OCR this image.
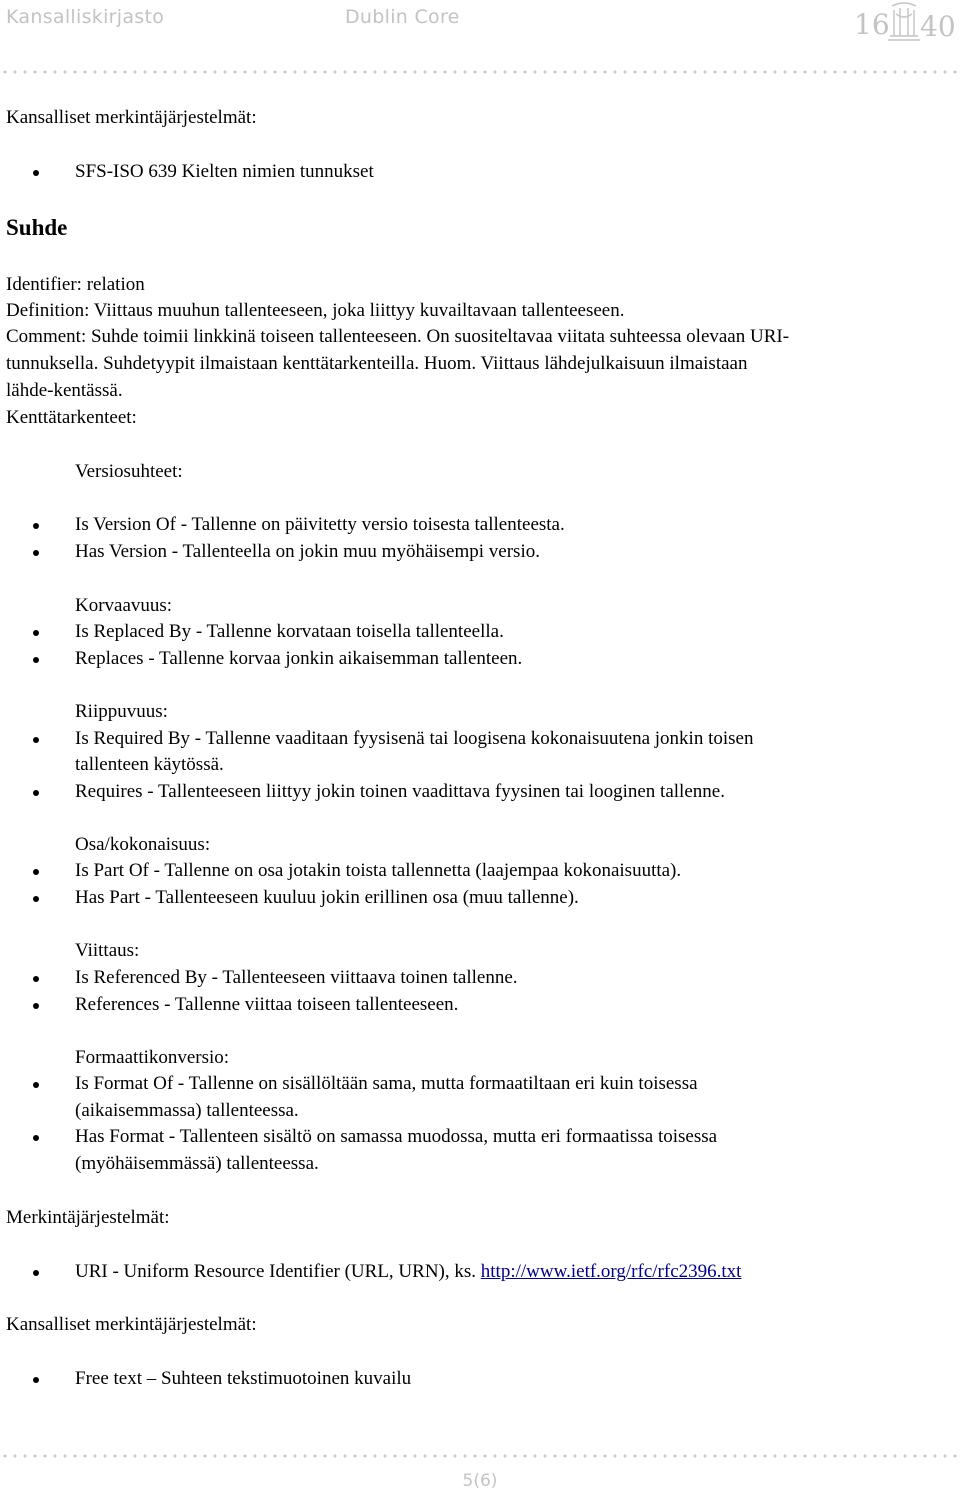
Kansalliskirjasto	Dublin Core	16 40
Kansalliset merkintäjärjestelmät:
SFS-ISO 639 Kielten nimien tunnukset
Suhde
Identifier: relation
Definition: Viittaus muuhun tallenteeseen, joka liittyy kuvailtavaan tallenteeseen.
Comment: Suhde toimii linkkinä toiseen tallenteeseen. On suositeltavaa viitata suhteessa olevaan URI-
tunnuksella. Suhdetyypit ilmaistaan kenttätarkenteilla. Huom. Viittaus lähdejulkaisuun ilmaistaan
lähde-kentässä.
Kenttätarkenteet:
Versiosuhteet:
Is Version Of - Tallenne on päivitetty versio toisesta tallenteesta.
Has Version - Tallenteella on jokin muu myöhäisempi versio.
Korvaavuus:
Is Replaced By - Tallenne korvataan toisella tallenteella.
Replaces - Tallenne korvaa jonkin aikaisemman tallenteen.
Riippuvuus:
Is Required By - Tallenne vaaditaan fyysisenä tai loogisena kokonaisuutena jonkin toisen
tallenteen käytössä.
Requires - Tallenteeseen liittyy jokin toinen vaadittava fyysinen tai looginen tallenne.
Osa/kokonaisuus:
Is Part Of - Tallenne on osa jotakin toista tallennetta (laajempaa kokonaisuutta).
Has Part - Tallenteeseen kuuluu jokin erillinen osa (muu tallenne).
Viittaus:
Is Referenced By - Tallenteeseen viittaava toinen tallenne.
References - Tallenne viittaa toiseen tallenteeseen.
Formaattikonversio:
Is Format Of - Tallenne on sisällöltään sama, mutta formaatiltaan eri kuin toisessa
(aikaisemmassa) tallenteessa.
Has Format - Tallenteen sisältö on samassa muodossa, mutta eri formaatissa toisessa
(myöhäisemmässä) tallenteessa.
Merkintäjärjestelmät:
URI - Uniform Resource Identifier (URL, URN), ks. http://www.ietf.org/rfc/rfc2396.txt
Kansalliset merkintäjärjestelmät:
Free text – Suhteen tekstimuotoinen kuvailu
5(6)
